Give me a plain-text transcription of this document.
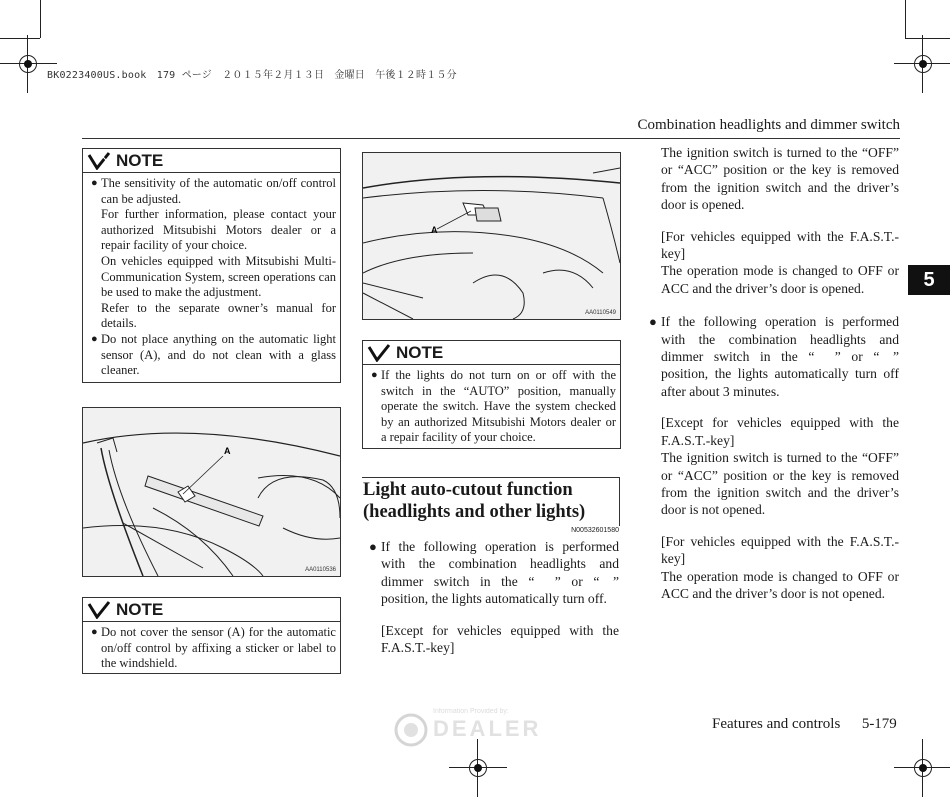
BK0223400US.book　179 ページ　２０１５年２月１３日　金曜日　午後１２時１５分
Combination headlights and dimmer switch
5
NOTE
● The sensitivity of the automatic on/off control can be adjusted.
For further information, please contact your authorized Mitsubishi Motors dealer or a repair facility of your choice.
On vehicles equipped with Mitsubishi Multi-Communication System, screen operations can be used to make the adjustment.
Refer to the separate owner’s manual for details.
● Do not place anything on the automatic light sensor (A), and do not clean with a glass cleaner.
A
AA0110536
NOTE
● Do not cover the sensor (A) for the automatic on/off control by affixing a sticker or label to the windshield.
A
AA0110549
NOTE
● If the lights do not turn on or off with the switch in the “AUTO” position, manually operate the switch. Have the system checked by an authorized Mitsubishi Motors dealer or a repair facility of your choice.
Light auto-cutout function
(headlights and other lights)
N00532601580
● If the following operation is performed with the combination headlights and dimmer switch in the “   ” or “  ” position, the lights automatically turn off.
[Except for vehicles equipped with the F.A.S.T.-key]

The ignition switch is turned to the “OFF” or “ACC” position or the key is removed from the ignition switch and the driver’s door is opened.

[For vehicles equipped with the F.A.S.T.-key]

The operation mode is changed to OFF or ACC and the driver’s door is opened.

● If the following operation is performed with the combination headlights and dimmer switch in the “   ” or “  ” position, the lights automatically turn off after about 3 minutes.

[Except for vehicles equipped with the F.A.S.T.-key]

The ignition switch is turned to the “OFF” or “ACC” position or the key is removed from the ignition switch and the driver’s door is not opened.

[For vehicles equipped with the F.A.S.T.-key]

The operation mode is changed to OFF or ACC and the driver’s door is not opened.

Features and controls 5-179
Information Provided by:
DEALER
